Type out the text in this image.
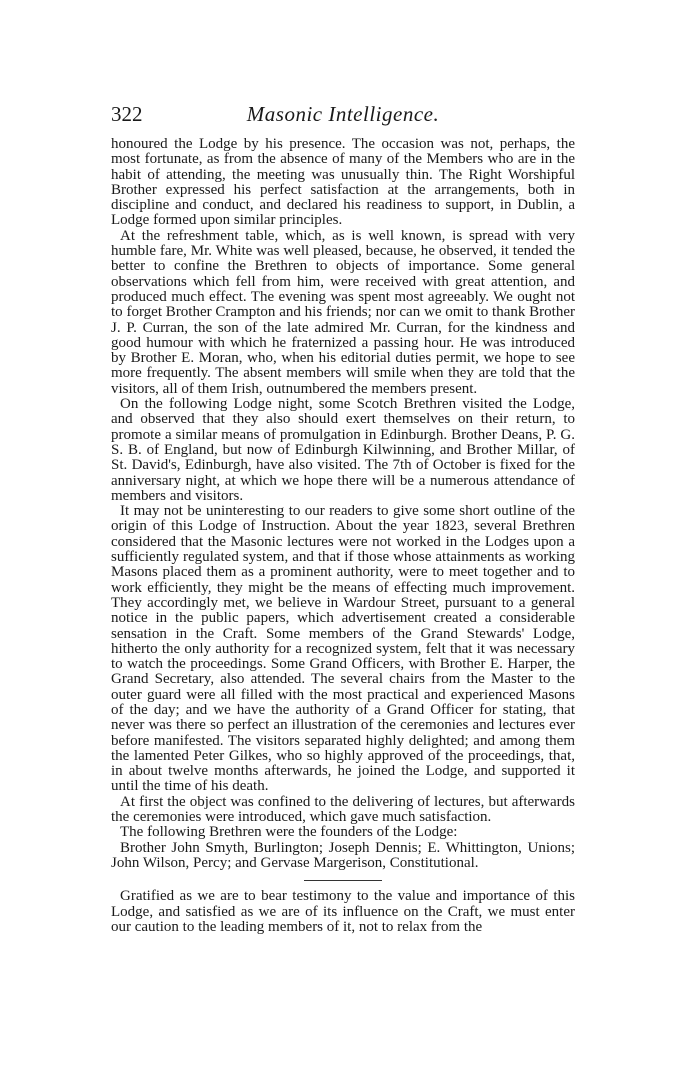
322	Masonic Intelligence.

honoured the Lodge by his presence. The occasion was not, perhaps, the most fortunate, as from the absence of many of the Members who are in the habit of attending, the meeting was unusually thin. The Right Worshipful Brother expressed his perfect satisfaction at the arrangements, both in discipline and conduct, and declared his readiness to support, in Dublin, a Lodge formed upon similar principles.

At the refreshment table, which, as is well known, is spread with very humble fare, Mr. White was well pleased, because, he observed, it tended the better to confine the Brethren to objects of importance. Some general observations which fell from him, were received with great attention, and produced much effect. The evening was spent most agreeably. We ought not to forget Brother Crampton and his friends; nor can we omit to thank Brother J. P. Curran, the son of the late admired Mr. Curran, for the kindness and good humour with which he fraternized a passing hour. He was introduced by Brother E. Moran, who, when his editorial duties permit, we hope to see more frequently. The absent members will smile when they are told that the visitors, all of them Irish, outnumbered the members present.

On the following Lodge night, some Scotch Brethren visited the Lodge, and observed that they also should exert themselves on their return, to promote a similar means of promulgation in Edinburgh. Brother Deans, P. G. S. B. of England, but now of Edinburgh Kilwinning, and Brother Millar, of St. David's, Edinburgh, have also visited. The 7th of October is fixed for the anniversary night, at which we hope there will be a numerous attendance of members and visitors.

It may not be uninteresting to our readers to give some short outline of the origin of this Lodge of Instruction. About the year 1823, several Brethren considered that the Masonic lectures were not worked in the Lodges upon a sufficiently regulated system, and that if those whose attainments as working Masons placed them as a prominent authority, were to meet together and to work efficiently, they might be the means of effecting much improvement. They accordingly met, we believe in Wardour Street, pursuant to a general notice in the public papers, which advertisement created a considerable sensation in the Craft. Some members of the Grand Stewards' Lodge, hitherto the only authority for a recognized system, felt that it was necessary to watch the proceedings. Some Grand Officers, with Brother E. Harper, the Grand Secretary, also attended. The several chairs from the Master to the outer guard were all filled with the most practical and experienced Masons of the day; and we have the authority of a Grand Officer for stating, that never was there so perfect an illustration of the ceremonies and lectures ever before manifested. The visitors separated highly delighted; and among them the lamented Peter Gilkes, who so highly approved of the proceedings, that, in about twelve months afterwards, he joined the Lodge, and supported it until the time of his death.

At first the object was confined to the delivering of lectures, but afterwards the ceremonies were introduced, which gave much satisfaction.

The following Brethren were the founders of the Lodge:

Brother John Smyth, Burlington; Joseph Dennis; E. Whittington, Unions; John Wilson, Percy; and Gervase Margerison, Constitutional.

Gratified as we are to bear testimony to the value and importance of this Lodge, and satisfied as we are of its influence on the Craft, we must enter our caution to the leading members of it, not to relax from the
